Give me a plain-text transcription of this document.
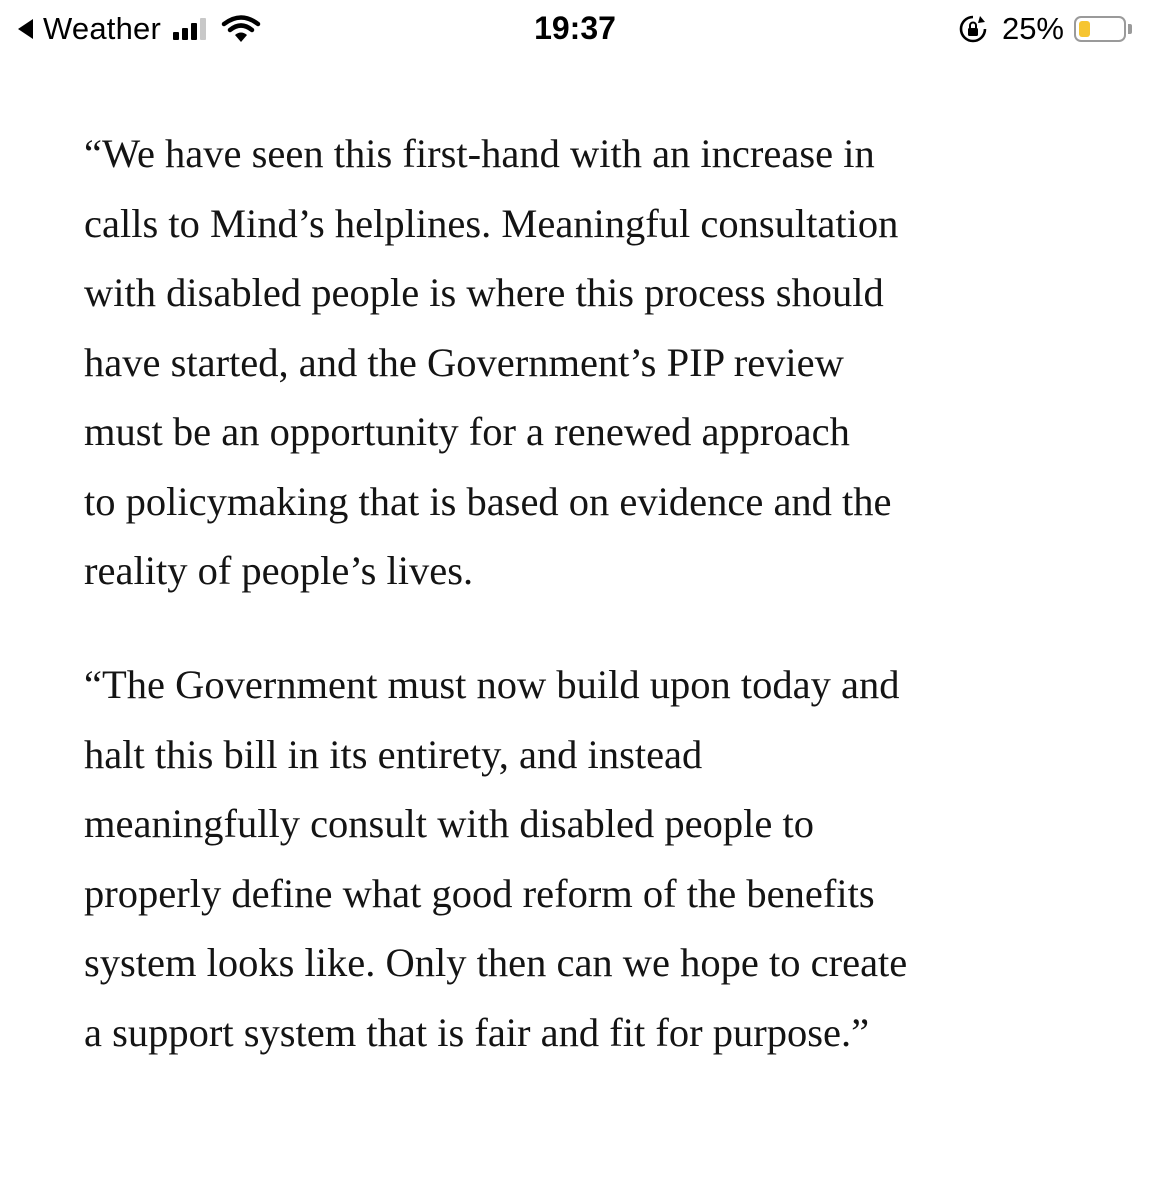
Weather	19:37	25%
“We have seen this first-hand with an increase in
calls to Mind’s helplines. Meaningful consultation
with disabled people is where this process should
have started, and the Government’s PIP review
must be an opportunity for a renewed approach
to policymaking that is based on evidence and the
reality of people’s lives.
“The Government must now build upon today and
halt this bill in its entirety, and instead
meaningfully consult with disabled people to
properly define what good reform of the benefits
system looks like. Only then can we hope to create
a support system that is fair and fit for purpose.”
